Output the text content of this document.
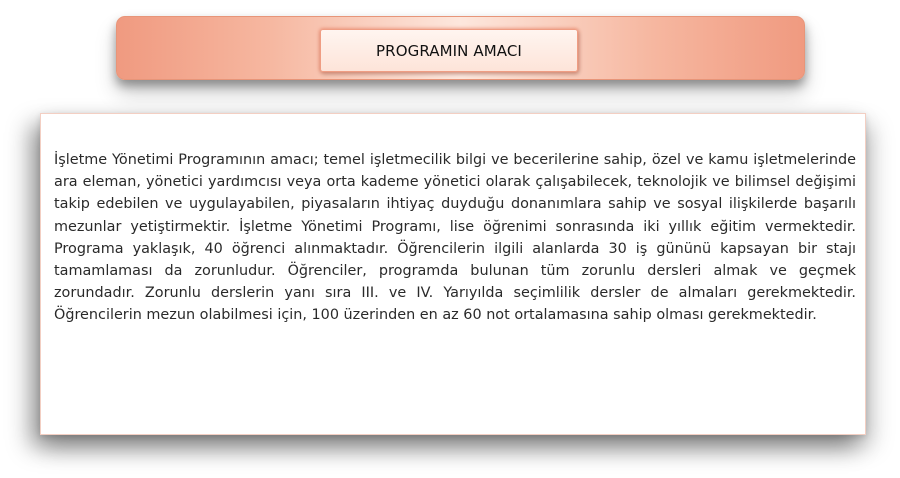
PROGRAMIN AMACI

İşletme Yönetimi Programının amacı; temel işletmecilik bilgi ve becerilerine sahip, özel ve kamu işletmelerinde ara eleman, yönetici yardımcısı veya orta kademe yönetici olarak çalışabilecek, teknolojik ve bilimsel değişimi takip edebilen ve uygulayabilen, piyasaların ihtiyaç duyduğu donanımlara sahip ve sosyal ilişkilerde başarılı mezunlar yetiştirmektir. İşletme Yönetimi Programı, lise öğrenimi sonrasında iki yıllık eğitim vermektedir. Programa yaklaşık, 40 öğrenci alınmaktadır. Öğrencilerin ilgili alanlarda 30 iş gününü kapsayan bir stajı tamamlaması da zorunludur. Öğrenciler, programda bulunan tüm zorunlu dersleri almak ve geçmek zorundadır. Zorunlu derslerin yanı sıra III. ve IV. Yarıyılda seçimlilik dersler de almaları gerekmektedir. Öğrencilerin mezun olabilmesi için, 100 üzerinden en az 60 not ortalamasına sahip olması gerekmektedir.
